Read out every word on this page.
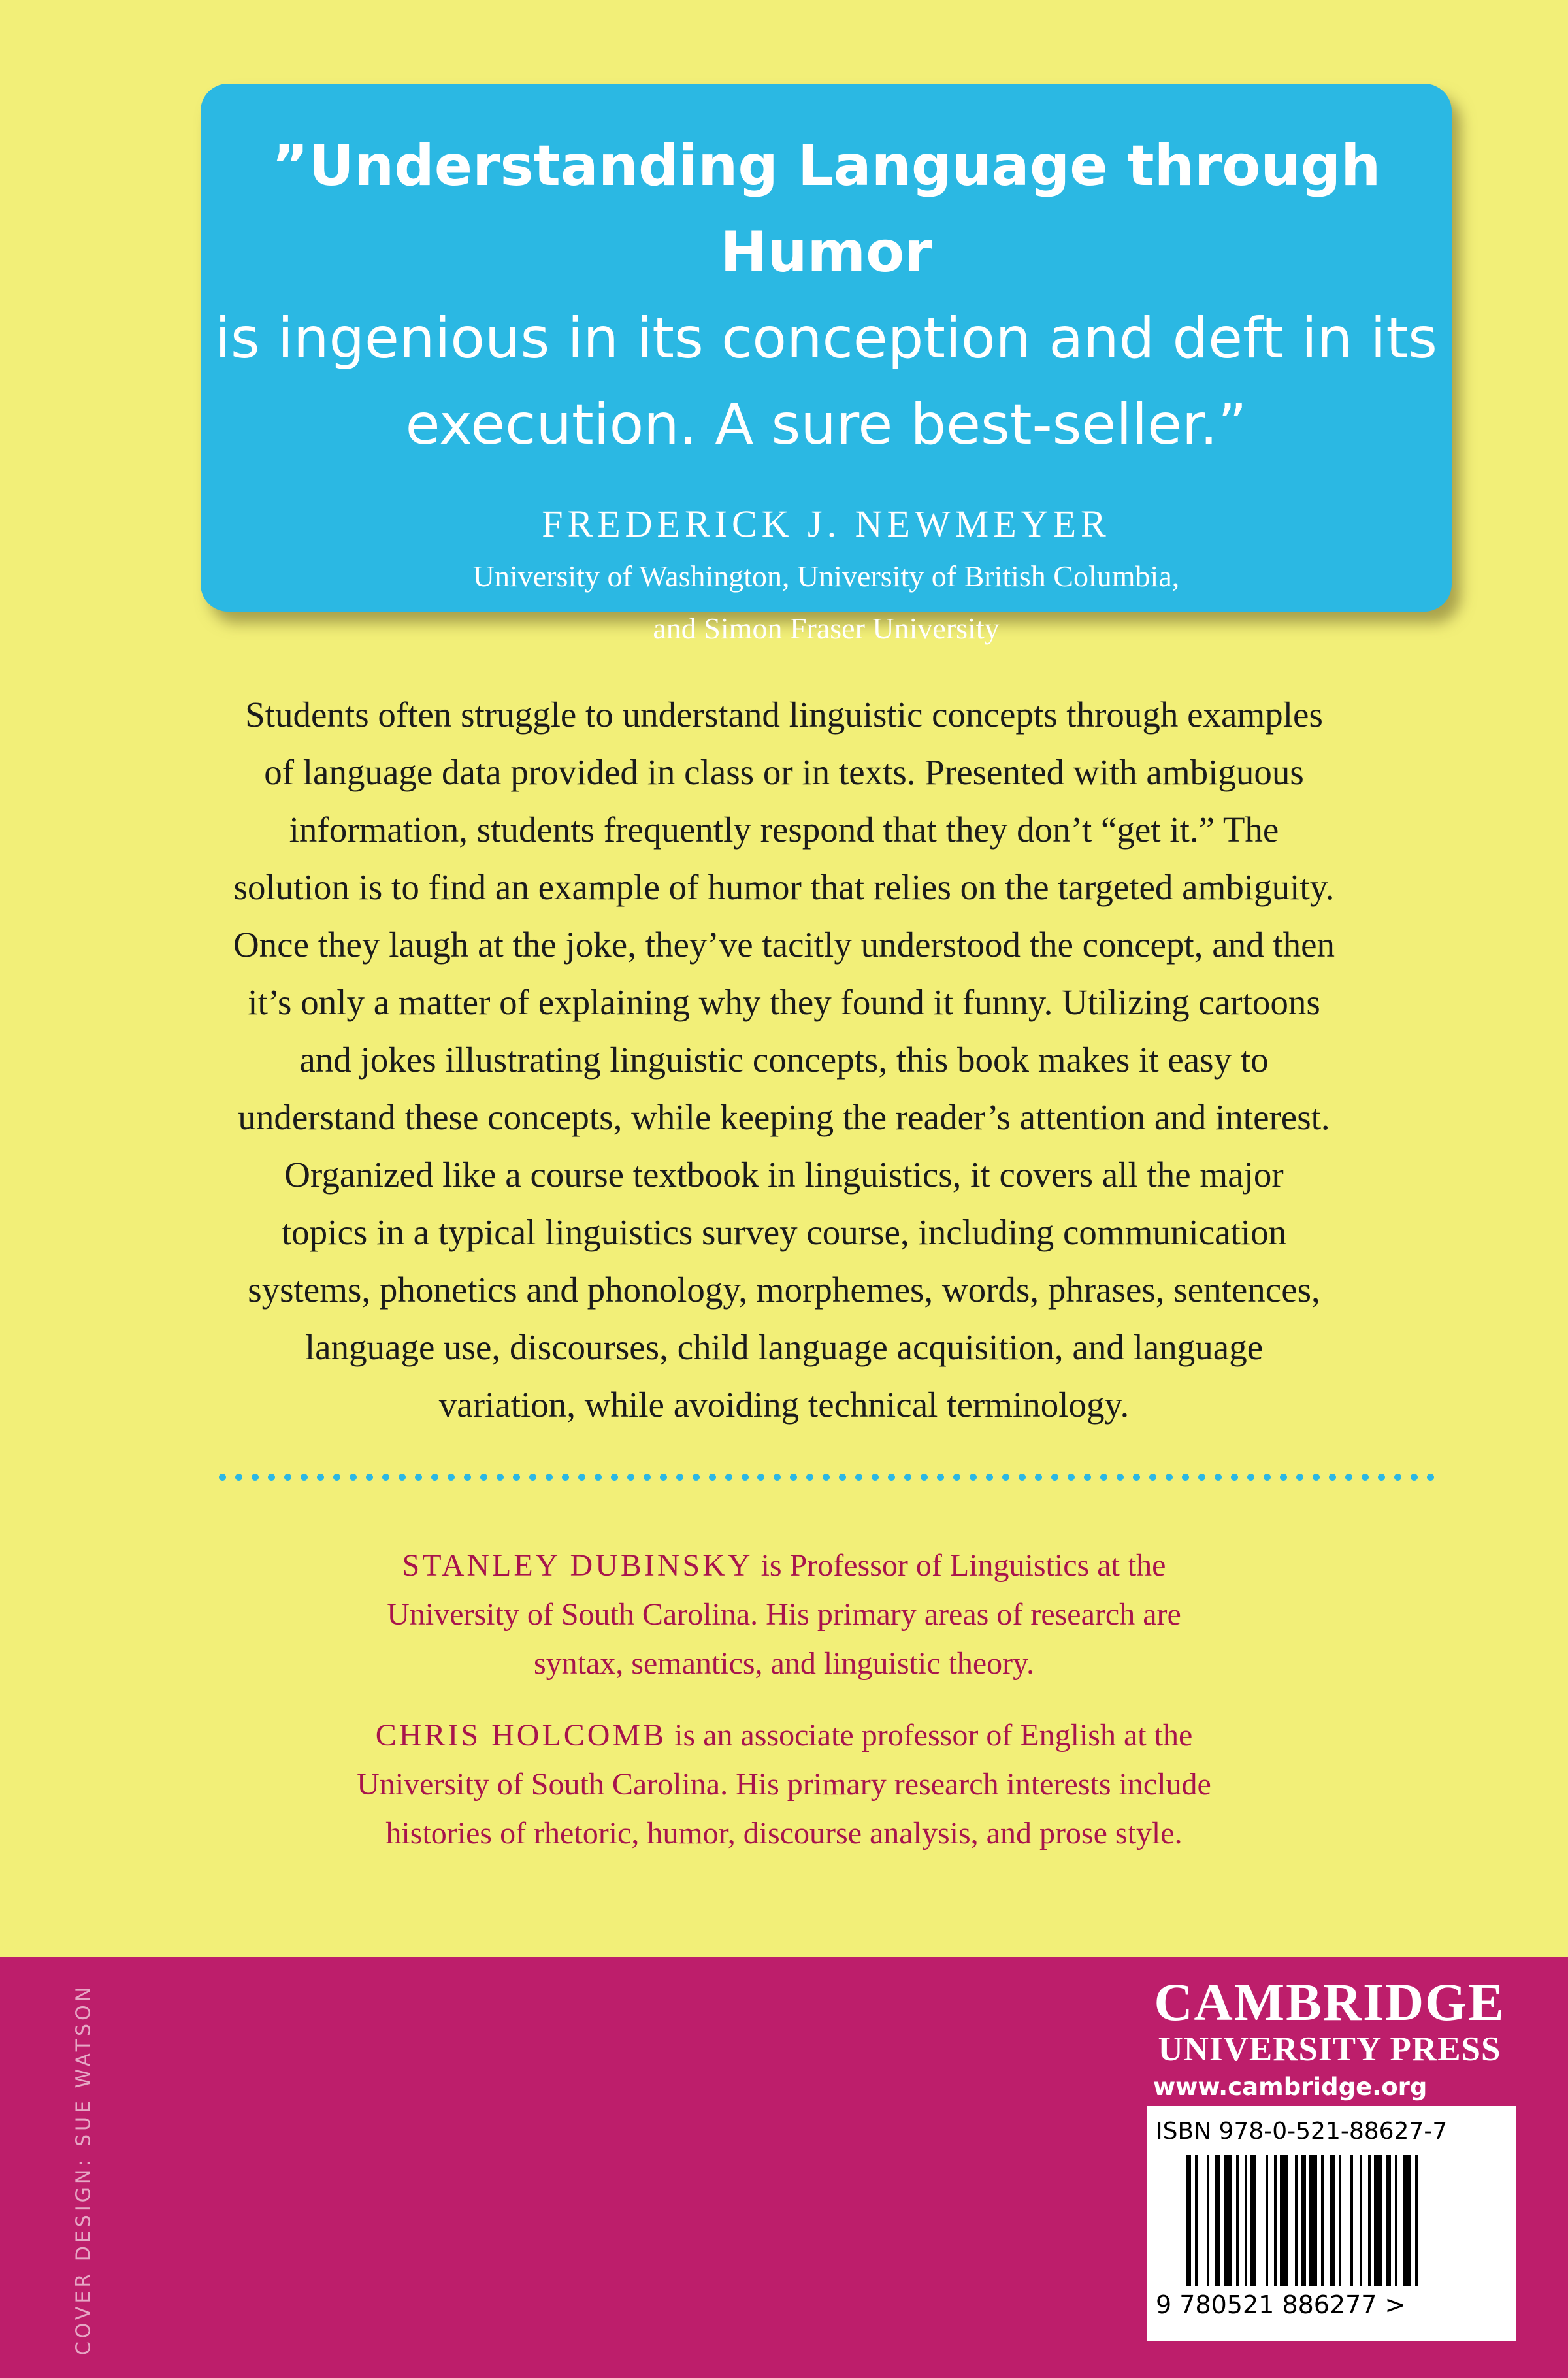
”Understanding Language through Humor
is ingenious in its conception and deft in its
execution. A sure best-seller.”
FREDERICK J. NEWMEYER
University of Washington, University of British Columbia,
and Simon Fraser University
Students often struggle to understand linguistic concepts through examples
of language data provided in class or in texts. Presented with ambiguous
information, students frequently respond that they don’t “get it.” The
solution is to find an example of humor that relies on the targeted ambiguity.
Once they laugh at the joke, they’ve tacitly understood the concept, and then
it’s only a matter of explaining why they found it funny. Utilizing cartoons
and jokes illustrating linguistic concepts, this book makes it easy to
understand these concepts, while keeping the reader’s attention and interest.
Organized like a course textbook in linguistics, it covers all the major
topics in a typical linguistics survey course, including communication
systems, phonetics and phonology, morphemes, words, phrases, sentences,
language use, discourses, child language acquisition, and language
variation, while avoiding technical terminology.
STANLEY DUBINSKY is Professor of Linguistics at the
University of South Carolina. His primary areas of research are
syntax, semantics, and linguistic theory.
CHRIS HOLCOMB is an associate professor of English at the
University of South Carolina. His primary research interests include
histories of rhetoric, humor, discourse analysis, and prose style.
COVER DESIGN: SUE WATSON	CAMBRIDGE
UNIVERSITY PRESS
www.cambridge.org
ISBN 978-0-521-88627-7
9 780521 886277 >
